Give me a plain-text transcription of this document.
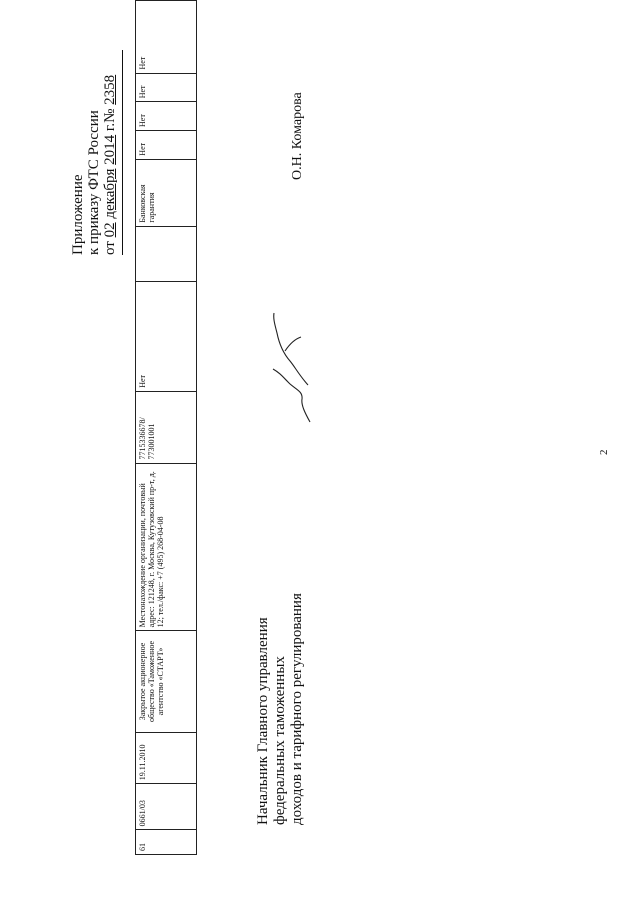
2
Приложение к приказу ФТС России от 02 декабря 2014 г.№ 2358
61	0661/03	19.11.2010	Закрытое акционерное общество «Таможенное агентство «СТАРТ»	Местонахождение организации, почтовый адрес: 121248, г. Москва, Кутузовский пр-т, д. 12; тел./факс: +7 (495) 268-04-08	7715336678/ 773001001	Нет		Банковская гарантия	Нет	Нет	Нет	Нет
Начальник Главного управления федеральных таможенных доходов и тарифного регулирования
О.Н. Комарова
